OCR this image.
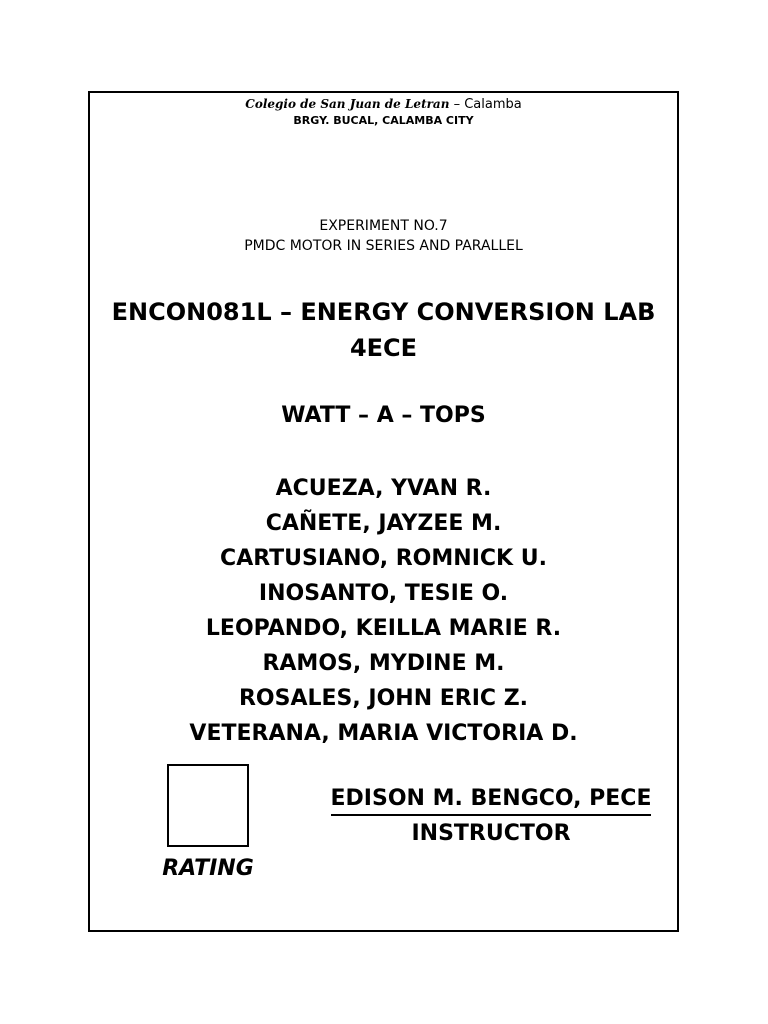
Colegio de San Juan de Letran – Calamba
BRGY. BUCAL, CALAMBA CITY
EXPERIMENT NO.7
PMDC MOTOR IN SERIES AND PARALLEL
ENCON081L – ENERGY CONVERSION LAB
4ECE
WATT – A – TOPS
ACUEZA, YVAN R.
CAÑETE, JAYZEE M.
CARTUSIANO, ROMNICK U.
INOSANTO, TESIE O.
LEOPANDO, KEILLA MARIE R.
RAMOS, MYDINE M.
ROSALES, JOHN ERIC Z.
VETERANA, MARIA VICTORIA D.
RATING
EDISON M. BENGCO, PECE
INSTRUCTOR
